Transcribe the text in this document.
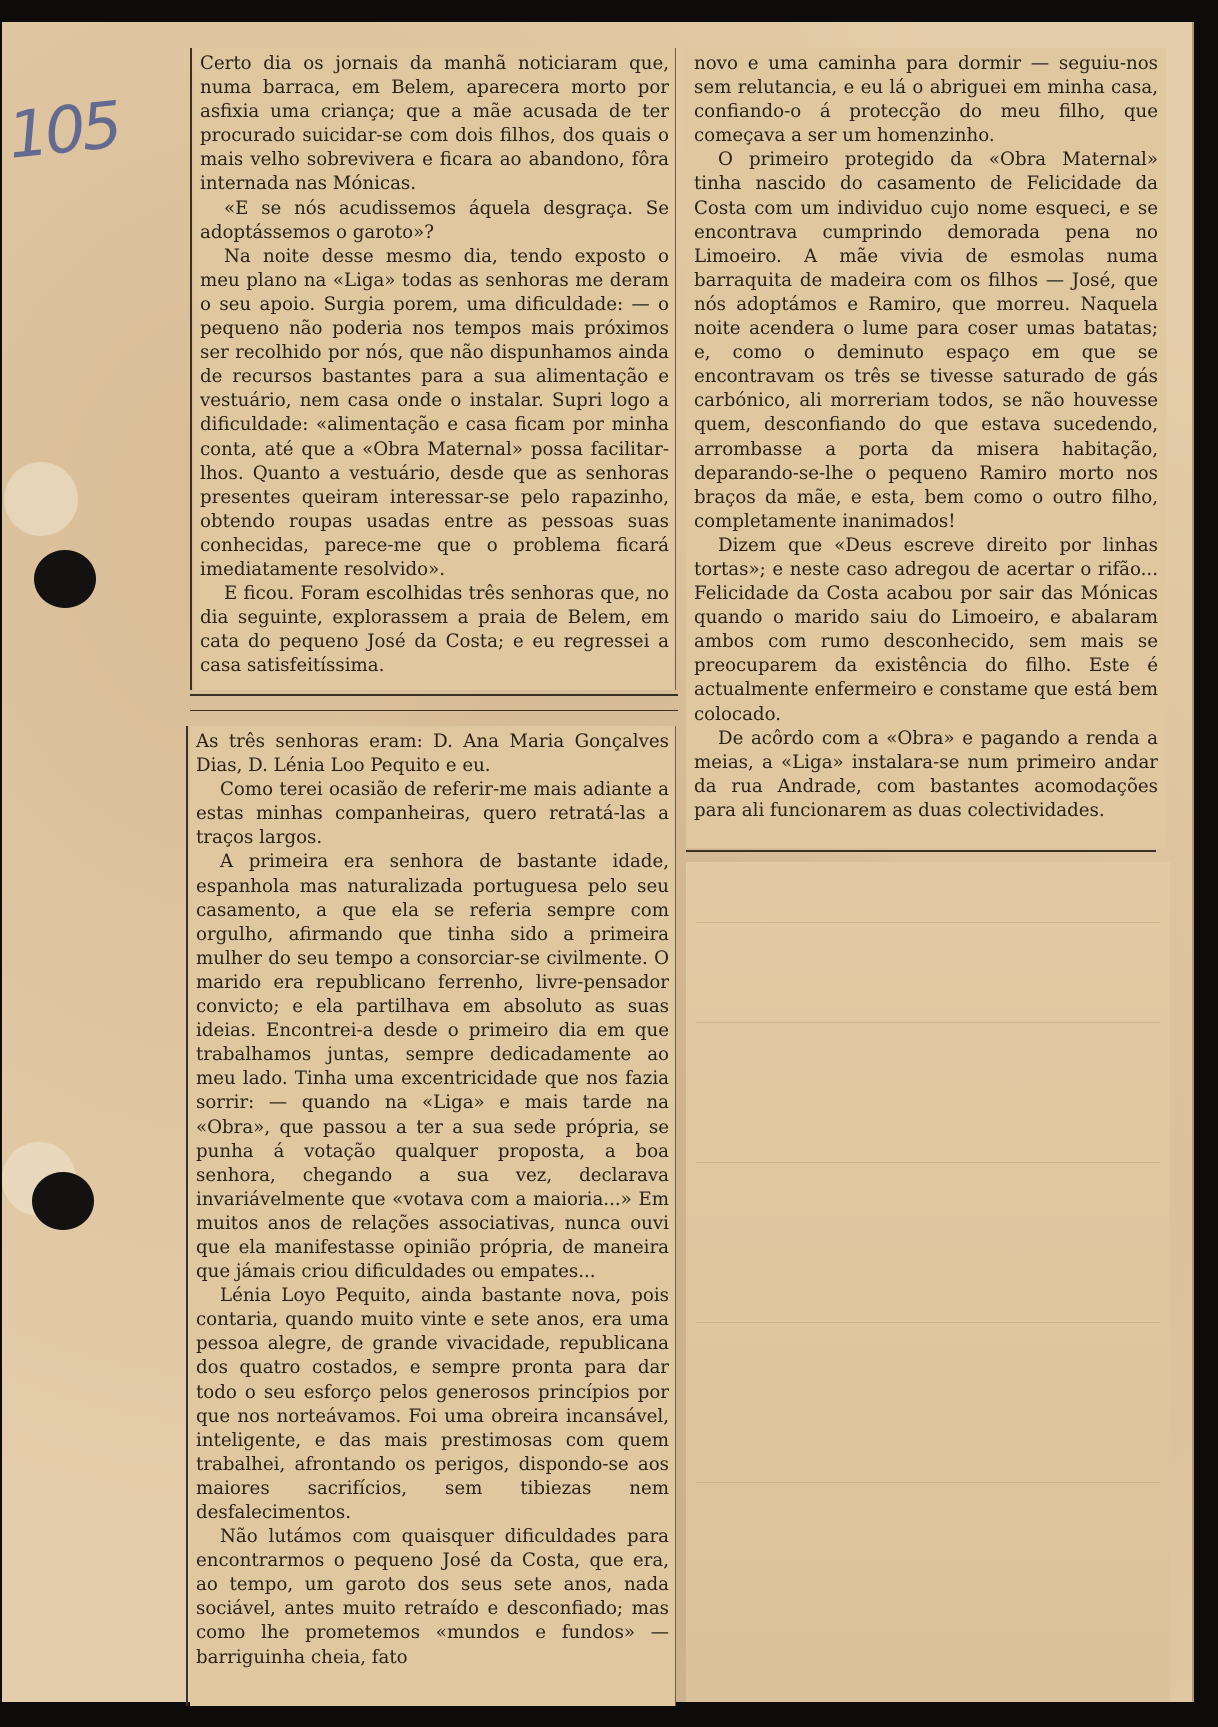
105

Certo dia os jornais da manhã noticiaram que, numa barraca, em Belem, aparecera morto por asfixia uma criança; que a mãe acusada de ter procurado suicidar-se com dois filhos, dos quais o mais velho sobrevivera e ficara ao abandono, fôra internada nas Mónicas.

«E se nós acudissemos áquela desgraça. Se adoptássemos o garoto»?

Na noite desse mesmo dia, tendo exposto o meu plano na «Liga» todas as senhoras me deram o seu apoio. Surgia porem, uma dificuldade: — o pequeno não poderia nos tempos mais próximos ser recolhido por nós, que não dispunhamos ainda de recursos bastantes para a sua alimentação e vestuário, nem casa onde o instalar. Supri logo a dificuldade: «alimentação e casa ficam por minha conta, até que a «Obra Maternal» possa facilitar-lhos. Quanto a vestuário, desde que as senhoras presentes queiram interessar-se pelo rapazinho, obtendo roupas usadas entre as pessoas suas conhecidas, parece-me que o problema ficará imediatamente resolvido».

E ficou. Foram escolhidas três senhoras que, no dia seguinte, explorassem a praia de Belem, em cata do pequeno José da Costa; e eu regressei a casa satisfeitíssima.

As três senhoras eram: D. Ana Maria Gonçalves Dias, D. Lénia Loo Pequito e eu.

Como terei ocasião de referir-me mais adiante a estas minhas companheiras, quero retratá-las a traços largos.

A primeira era senhora de bastante idade, espanhola mas naturalizada portuguesa pelo seu casamento, a que ela se referia sempre com orgulho, afirmando que tinha sido a primeira mulher do seu tempo a consorciar-se civilmente. O marido era republicano ferrenho, livre-pensador convicto; e ela partilhava em absoluto as suas ideias. Encontrei-a desde o primeiro dia em que trabalhamos juntas, sempre dedicadamente ao meu lado. Tinha uma excentricidade que nos fazia sorrir: — quando na «Liga» e mais tarde na «Obra», que passou a ter a sua sede própria, se punha á votação qualquer proposta, a boa senhora, chegando a sua vez, declarava invariávelmente que «votava com a maioria...» Em muitos anos de relações associativas, nunca ouvi que ela manifestasse opinião própria, de maneira que jámais criou dificuldades ou empates...

Lénia Loyo Pequito, ainda bastante nova, pois contaria, quando muito vinte e sete anos, era uma pessoa alegre, de grande vivacidade, republicana dos quatro costados, e sempre pronta para dar todo o seu esforço pelos generosos princípios por que nos norteávamos. Foi uma obreira incansável, inteligente, e das mais prestimosas com quem trabalhei, afrontando os perigos, dispondo-se aos maiores sacrifícios, sem tibiezas nem desfalecimentos.

Não lutámos com quaisquer dificuldades para encontrarmos o pequeno José da Costa, que era, ao tempo, um garoto dos seus sete anos, nada sociável, antes muito retraído e desconfiado; mas como lhe prometemos «mundos e fundos» — barriguinha cheia, fato

novo e uma caminha para dormir — seguiu-nos sem relutancia, e eu lá o abriguei em minha casa, confiando-o á protecção do meu filho, que começava a ser um homenzinho.

O primeiro protegido da «Obra Maternal» tinha nascido do casamento de Felicidade da Costa com um individuo cujo nome esqueci, e se encontrava cumprindo demorada pena no Limoeiro. A mãe vivia de esmolas numa barraquita de madeira com os filhos — José, que nós adoptámos e Ramiro, que morreu. Naquela noite acendera o lume para coser umas batatas; e, como o deminuto espaço em que se encontravam os três se tivesse saturado de gás carbónico, ali morreriam todos, se não houvesse quem, desconfiando do que estava sucedendo, arrombasse a porta da misera habitação, deparando-se-lhe o pequeno Ramiro morto nos braços da mãe, e esta, bem como o outro filho, completamente inanimados!

Dizem que «Deus escreve direito por linhas tortas»; e neste caso adregou de acertar o rifão... Felicidade da Costa acabou por sair das Mónicas quando o marido saiu do Limoeiro, e abalaram ambos com rumo desconhecido, sem mais se preocuparem da existência do filho. Este é actualmente enfermeiro e constame que está bem colocado.

De acôrdo com a «Obra» e pagando a renda a meias, a «Liga» instalara-se num primeiro andar da rua Andrade, com bastantes acomodações para ali funcionarem as duas colectividades.
